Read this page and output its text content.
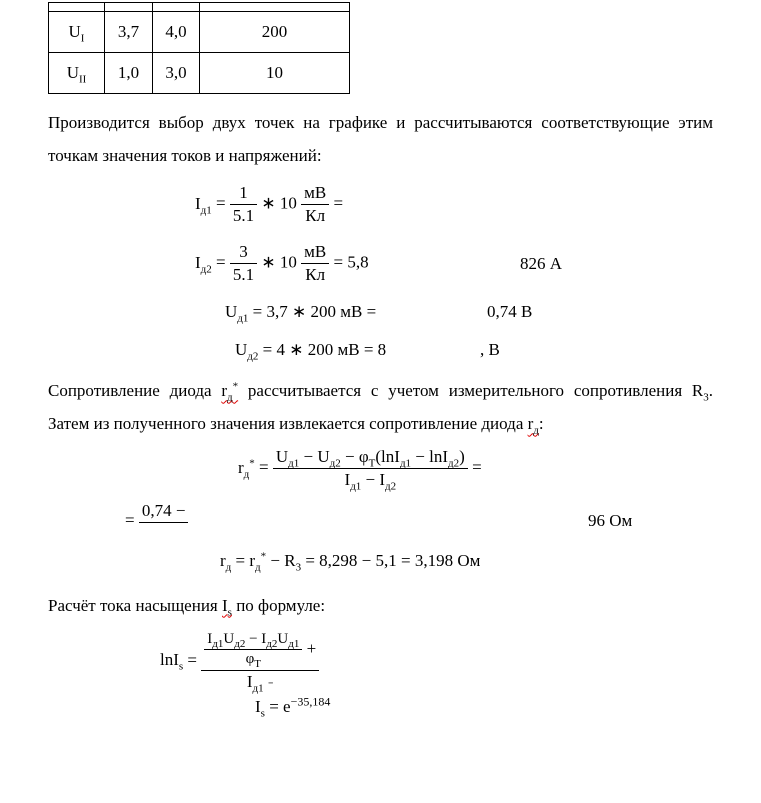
$U_I$	3,7	4,0	200
$U_{II}$	1,0	3,0	10

Производится выбор двух точек на графике и рассчитываются соответствующие этим точкам значения токов и напряжений:

$I_{д1} = \frac{1}{5.1}$ ∗ $10 \frac{мВ}{Кл}$ =
$I_{д2} = \frac{3}{5.1}$ ∗ $10 \frac{мВ}{Кл} = 5,8$	826 А
$U_{д1} = 3,7$ ∗ 200 мВ =	0,74 В
$U_{д2} = 4$ ∗ 200 мВ = 8	, В

Сопротивление диода $r_д^*$ рассчитывается с учетом измерительного сопротивления $R_3$. Затем из полученного значения извлекается сопротивление диода $r_д$:

$r_д^* = \frac{U_{д1} - U_{д2} - \varphi_Т(\ln I_{д1} - \ln I_{д2})}{I_{д1} - I_{д2}}$ =
= 0,74 −
96 Ом
$r_д = r_д^* - R_3 = 8,298 - 5,1 = 3,198$ Ом

Расчёт тока насыщения $I_s$ по формуле:

$\ln I_s = \frac{\frac{I_{д1}U_{д2} - I_{д2}U_{д1}}{\varphi_Т} +}{I_{д1} -}$
$I_s = e^{-35,184}$
